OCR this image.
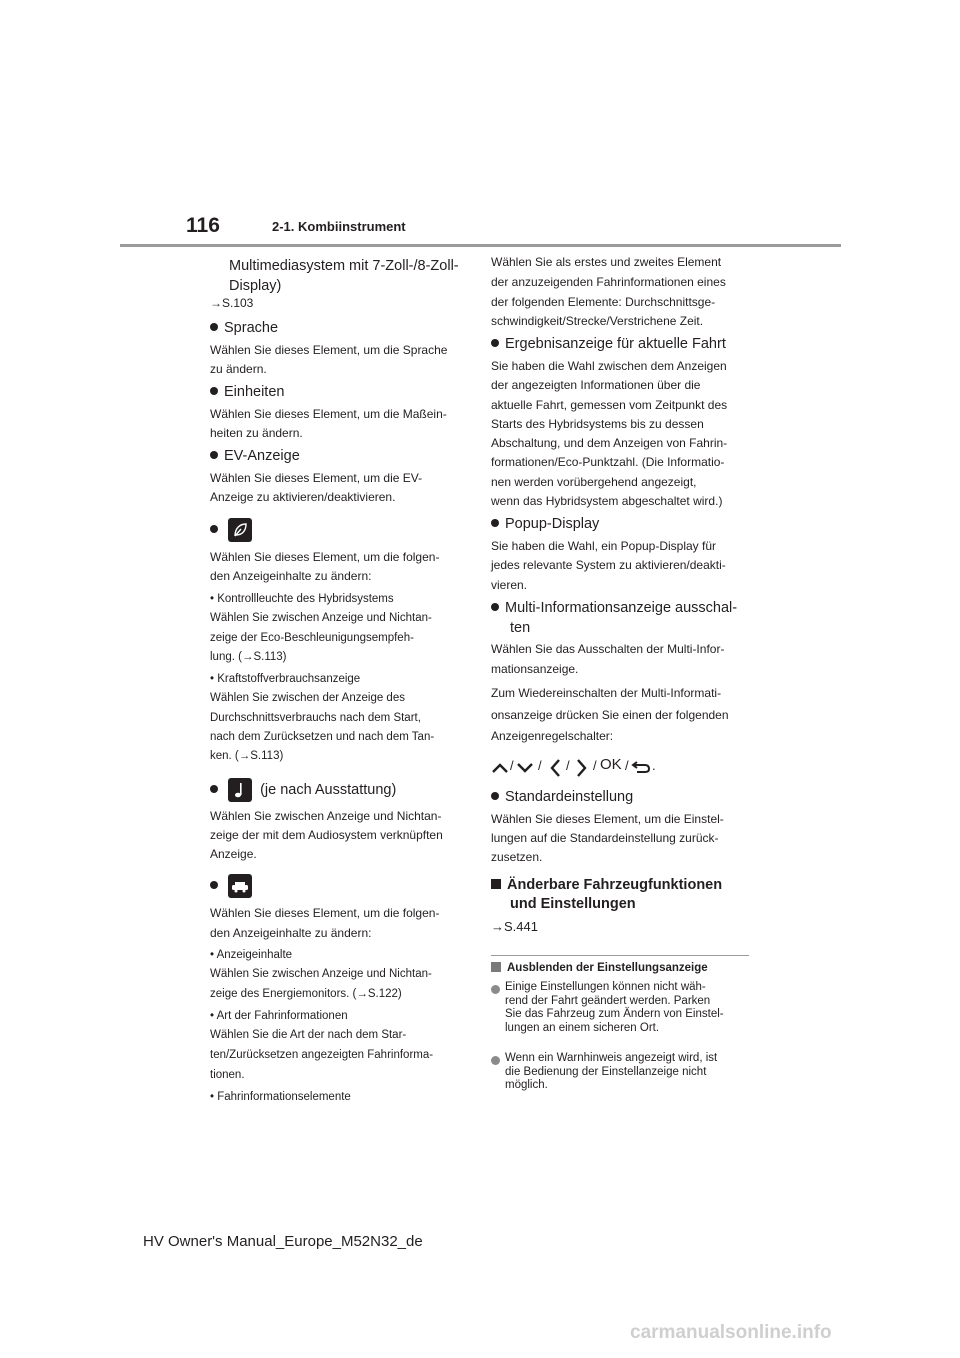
116	2-1. Kombiinstrument
Multimediasystem mit 7-Zoll-/8-Zoll-
Display)
→S.103
Sprache
Wählen Sie dieses Element, um die Sprache
zu ändern.
Einheiten
Wählen Sie dieses Element, um die Maßein-
heiten zu ändern.
EV-Anzeige
Wählen Sie dieses Element, um die EV-
Anzeige zu aktivieren/deaktivieren.

Wählen Sie dieses Element, um die folgen-
den Anzeigeinhalte zu ändern:
• Kontrollleuchte des Hybridsystems
Wählen Sie zwischen Anzeige und Nichtan-
zeige der Eco-Beschleunigungsempfeh-
lung. (→S.113)
• Kraftstoffverbrauchsanzeige
Wählen Sie zwischen der Anzeige des
Durchschnittsverbrauchs nach dem Start,
nach dem Zurücksetzen und nach dem Tan-
ken. (→S.113)

(je nach Ausstattung)
Wählen Sie zwischen Anzeige und Nichtan-
zeige der mit dem Audiosystem verknüpften
Anzeige.

Wählen Sie dieses Element, um die folgen-
den Anzeigeinhalte zu ändern:
• Anzeigeinhalte
Wählen Sie zwischen Anzeige und Nichtan-
zeige des Energiemonitors. (→S.122)
• Art der Fahrinformationen
Wählen Sie die Art der nach dem Star-
ten/Zurücksetzen angezeigten Fahrinforma-
tionen.
• Fahrinformationselemente
Wählen Sie als erstes und zweites Element
der anzuzeigenden Fahrinformationen eines
der folgenden Elemente: Durchschnittsge-
schwindigkeit/Strecke/Verstrichene Zeit.
Ergebnisanzeige für aktuelle Fahrt
Sie haben die Wahl zwischen dem Anzeigen
der angezeigten Informationen über die
aktuelle Fahrt, gemessen vom Zeitpunkt des
Starts des Hybridsystems bis zu dessen
Abschaltung, und dem Anzeigen von Fahrin-
formationen/Eco-Punktzahl. (Die Informatio-
nen werden vorübergehend angezeigt,
wenn das Hybridsystem abgeschaltet wird.)
Popup-Display
Sie haben die Wahl, ein Popup-Display für
jedes relevante System zu aktivieren/deakti-
vieren.
Multi-Informationsanzeige ausschal-
ten
Wählen Sie das Ausschalten der Multi-Infor-
mationsanzeige.
Zum Wiedereinschalten der Multi-Informati-
onsanzeige drücken Sie einen der folgenden
Anzeigenregelschalter:
/ / / / OK / .
Standardeinstellung
Wählen Sie dieses Element, um die Einstel-
lungen auf die Standardeinstellung zurück-
zusetzen.
Änderbare Fahrzeugfunktionen
und Einstellungen
→S.441
Ausblenden der Einstellungsanzeige
Einige Einstellungen können nicht wäh-
rend der Fahrt geändert werden. Parken
Sie das Fahrzeug zum Ändern von Einstel-
lungen an einem sicheren Ort.
Wenn ein Warnhinweis angezeigt wird, ist
die Bedienung der Einstellanzeige nicht
möglich.
HV Owner's Manual_Europe_M52N32_de
carmanualsonline.info
